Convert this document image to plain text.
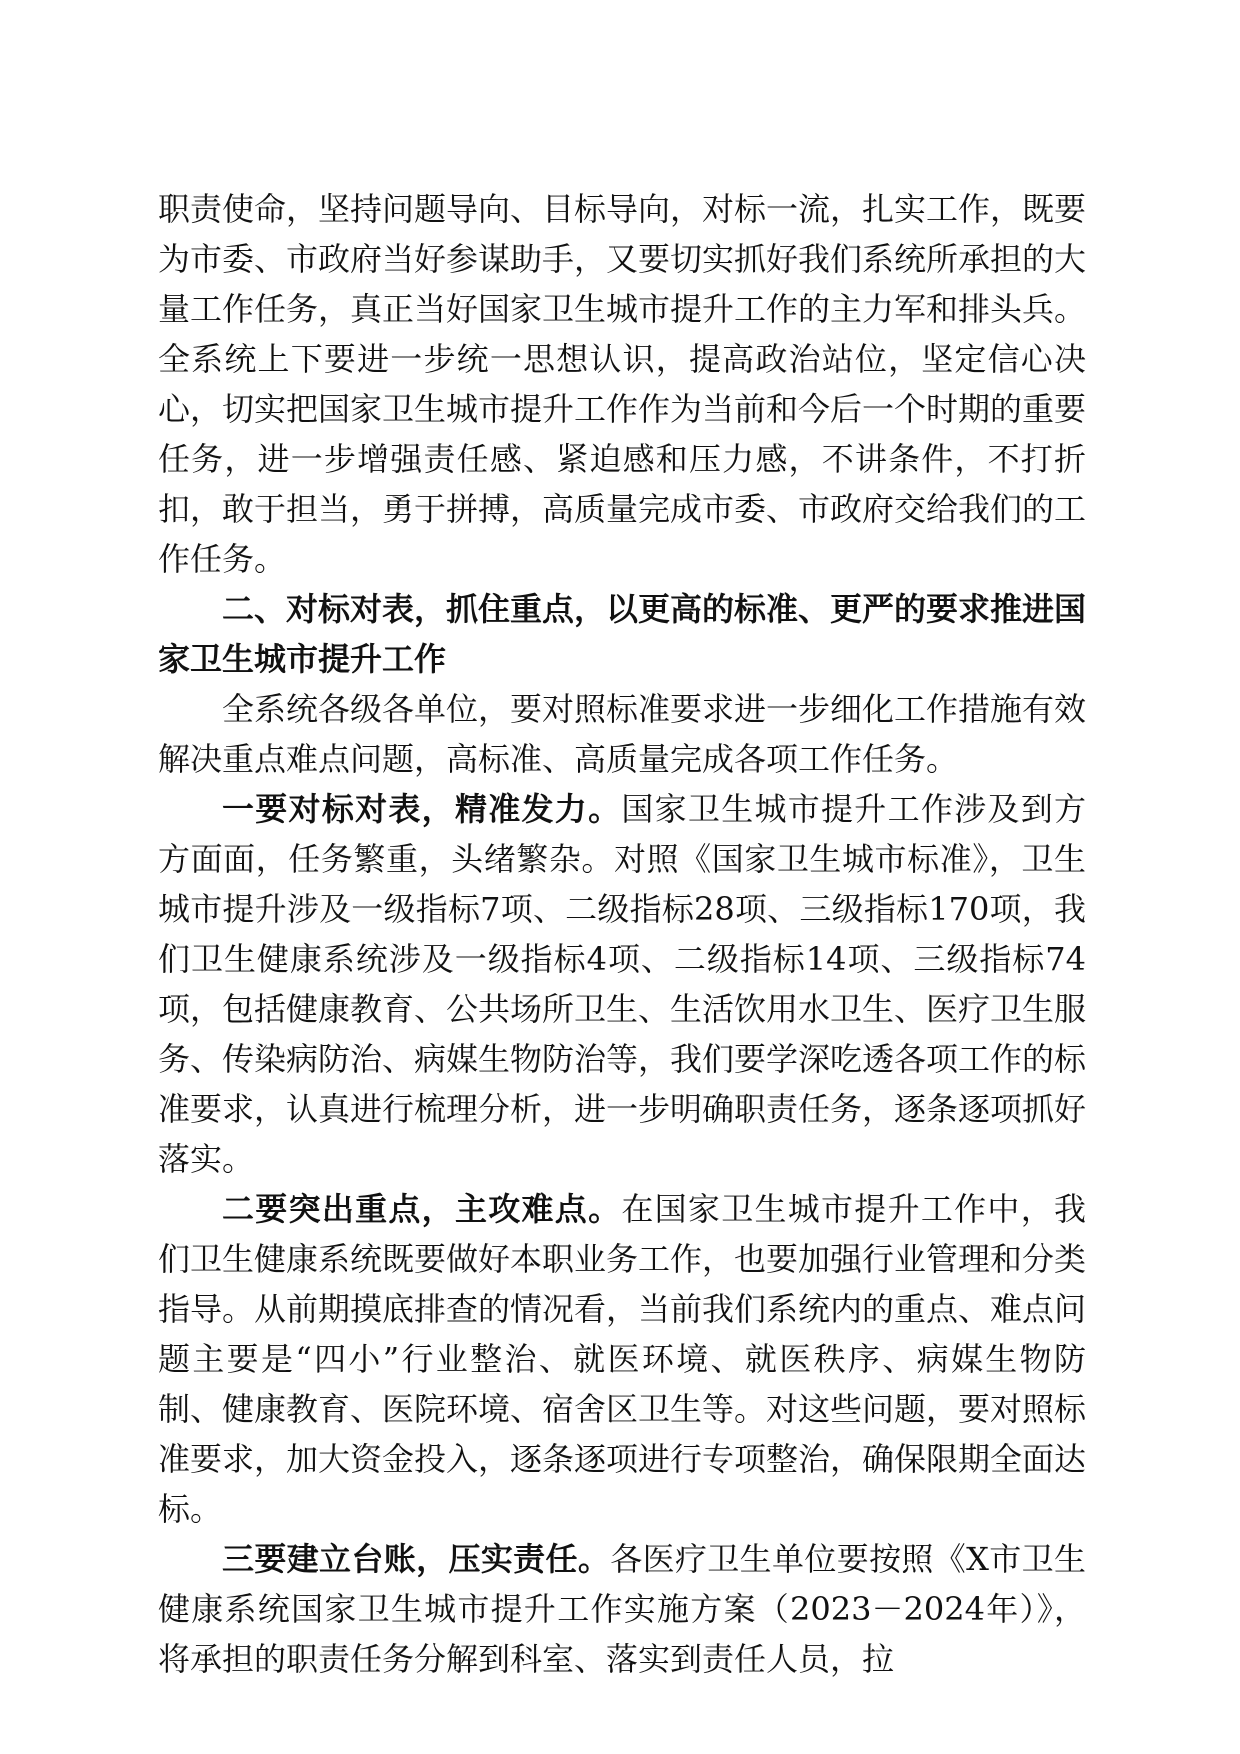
职责使命，坚持问题导向、目标导向，对标一流，扎实工作，既要为市委、市政府当好参谋助手，又要切实抓好我们系统所承担的大量工作任务，真正当好国家卫生城市提升工作的主力军和排头兵。全系统上下要进一步统一思想认识，提高政治站位，坚定信心决心，切实把国家卫生城市提升工作作为当前和今后一个时期的重要任务，进一步增强责任感、紧迫感和压力感，不讲条件，不打折扣，敢于担当，勇于拼搏，高质量完成市委、市政府交给我们的工作任务。

二、对标对表，抓住重点，以更高的标准、更严的要求推进国家卫生城市提升工作

全系统各级各单位，要对照标准要求进一步细化工作措施有效解决重点难点问题，高标准、高质量完成各项工作任务。

一要对标对表，精准发力。国家卫生城市提升工作涉及到方方面面，任务繁重，头绪繁杂。对照《国家卫生城市标准》，卫生城市提升涉及一级指标7项、二级指标28项、三级指标170项，我们卫生健康系统涉及一级指标4项、二级指标14项、三级指标74项，包括健康教育、公共场所卫生、生活饮用水卫生、医疗卫生服务、传染病防治、病媒生物防治等，我们要学深吃透各项工作的标准要求，认真进行梳理分析，进一步明确职责任务，逐条逐项抓好落实。

二要突出重点，主攻难点。在国家卫生城市提升工作中，我们卫生健康系统既要做好本职业务工作，也要加强行业管理和分类指导。从前期摸底排查的情况看，当前我们系统内的重点、难点问题主要是“四小”行业整治、就医环境、就医秩序、病媒生物防制、健康教育、医院环境、宿舍区卫生等。对这些问题，要对照标准要求，加大资金投入，逐条逐项进行专项整治，确保限期全面达标。

三要建立台账，压实责任。各医疗卫生单位要按照《X市卫生健康系统国家卫生城市提升工作实施方案（2023－2024年）》，将承担的职责任务分解到科室、落实到责任人员，拉
